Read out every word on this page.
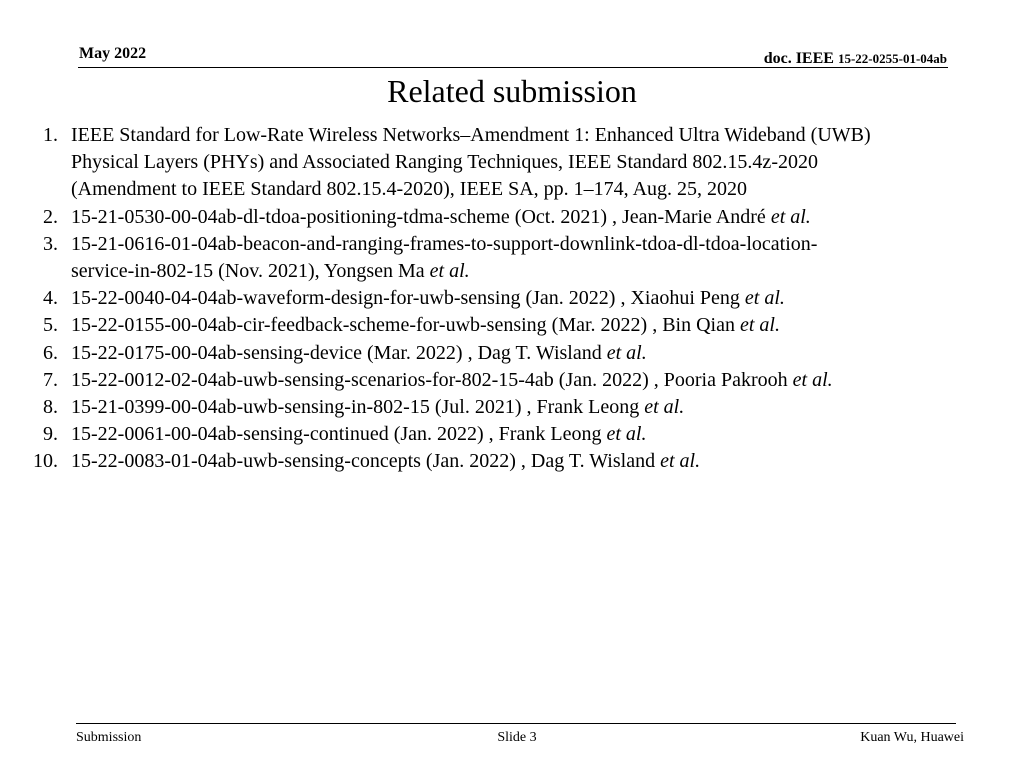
May 2022	doc. IEEE 15-22-0255-01-04ab
Related submission
1. IEEE Standard for Low-Rate Wireless Networks–Amendment 1: Enhanced Ultra Wideband (UWB)
Physical Layers (PHYs) and Associated Ranging Techniques, IEEE Standard 802.15.4z-2020
(Amendment to IEEE Standard 802.15.4-2020), IEEE SA, pp. 1–174, Aug. 25, 2020
2. 15-21-0530-00-04ab-dl-tdoa-positioning-tdma-scheme (Oct. 2021) , Jean-Marie André et al.
3. 15-21-0616-01-04ab-beacon-and-ranging-frames-to-support-downlink-tdoa-dl-tdoa-location-
service-in-802-15 (Nov. 2021), Yongsen Ma et al.
4. 15-22-0040-04-04ab-waveform-design-for-uwb-sensing (Jan. 2022) , Xiaohui Peng et al.
5. 15-22-0155-00-04ab-cir-feedback-scheme-for-uwb-sensing (Mar. 2022) , Bin Qian et al.
6. 15-22-0175-00-04ab-sensing-device (Mar. 2022) , Dag T. Wisland et al.
7. 15-22-0012-02-04ab-uwb-sensing-scenarios-for-802-15-4ab (Jan. 2022) , Pooria Pakrooh et al.
8. 15-21-0399-00-04ab-uwb-sensing-in-802-15 (Jul. 2021) , Frank Leong et al.
9. 15-22-0061-00-04ab-sensing-continued (Jan. 2022) , Frank Leong et al.
10. 15-22-0083-01-04ab-uwb-sensing-concepts (Jan. 2022) , Dag T. Wisland et al.
Submission	Slide 3	Kuan Wu, Huawei
